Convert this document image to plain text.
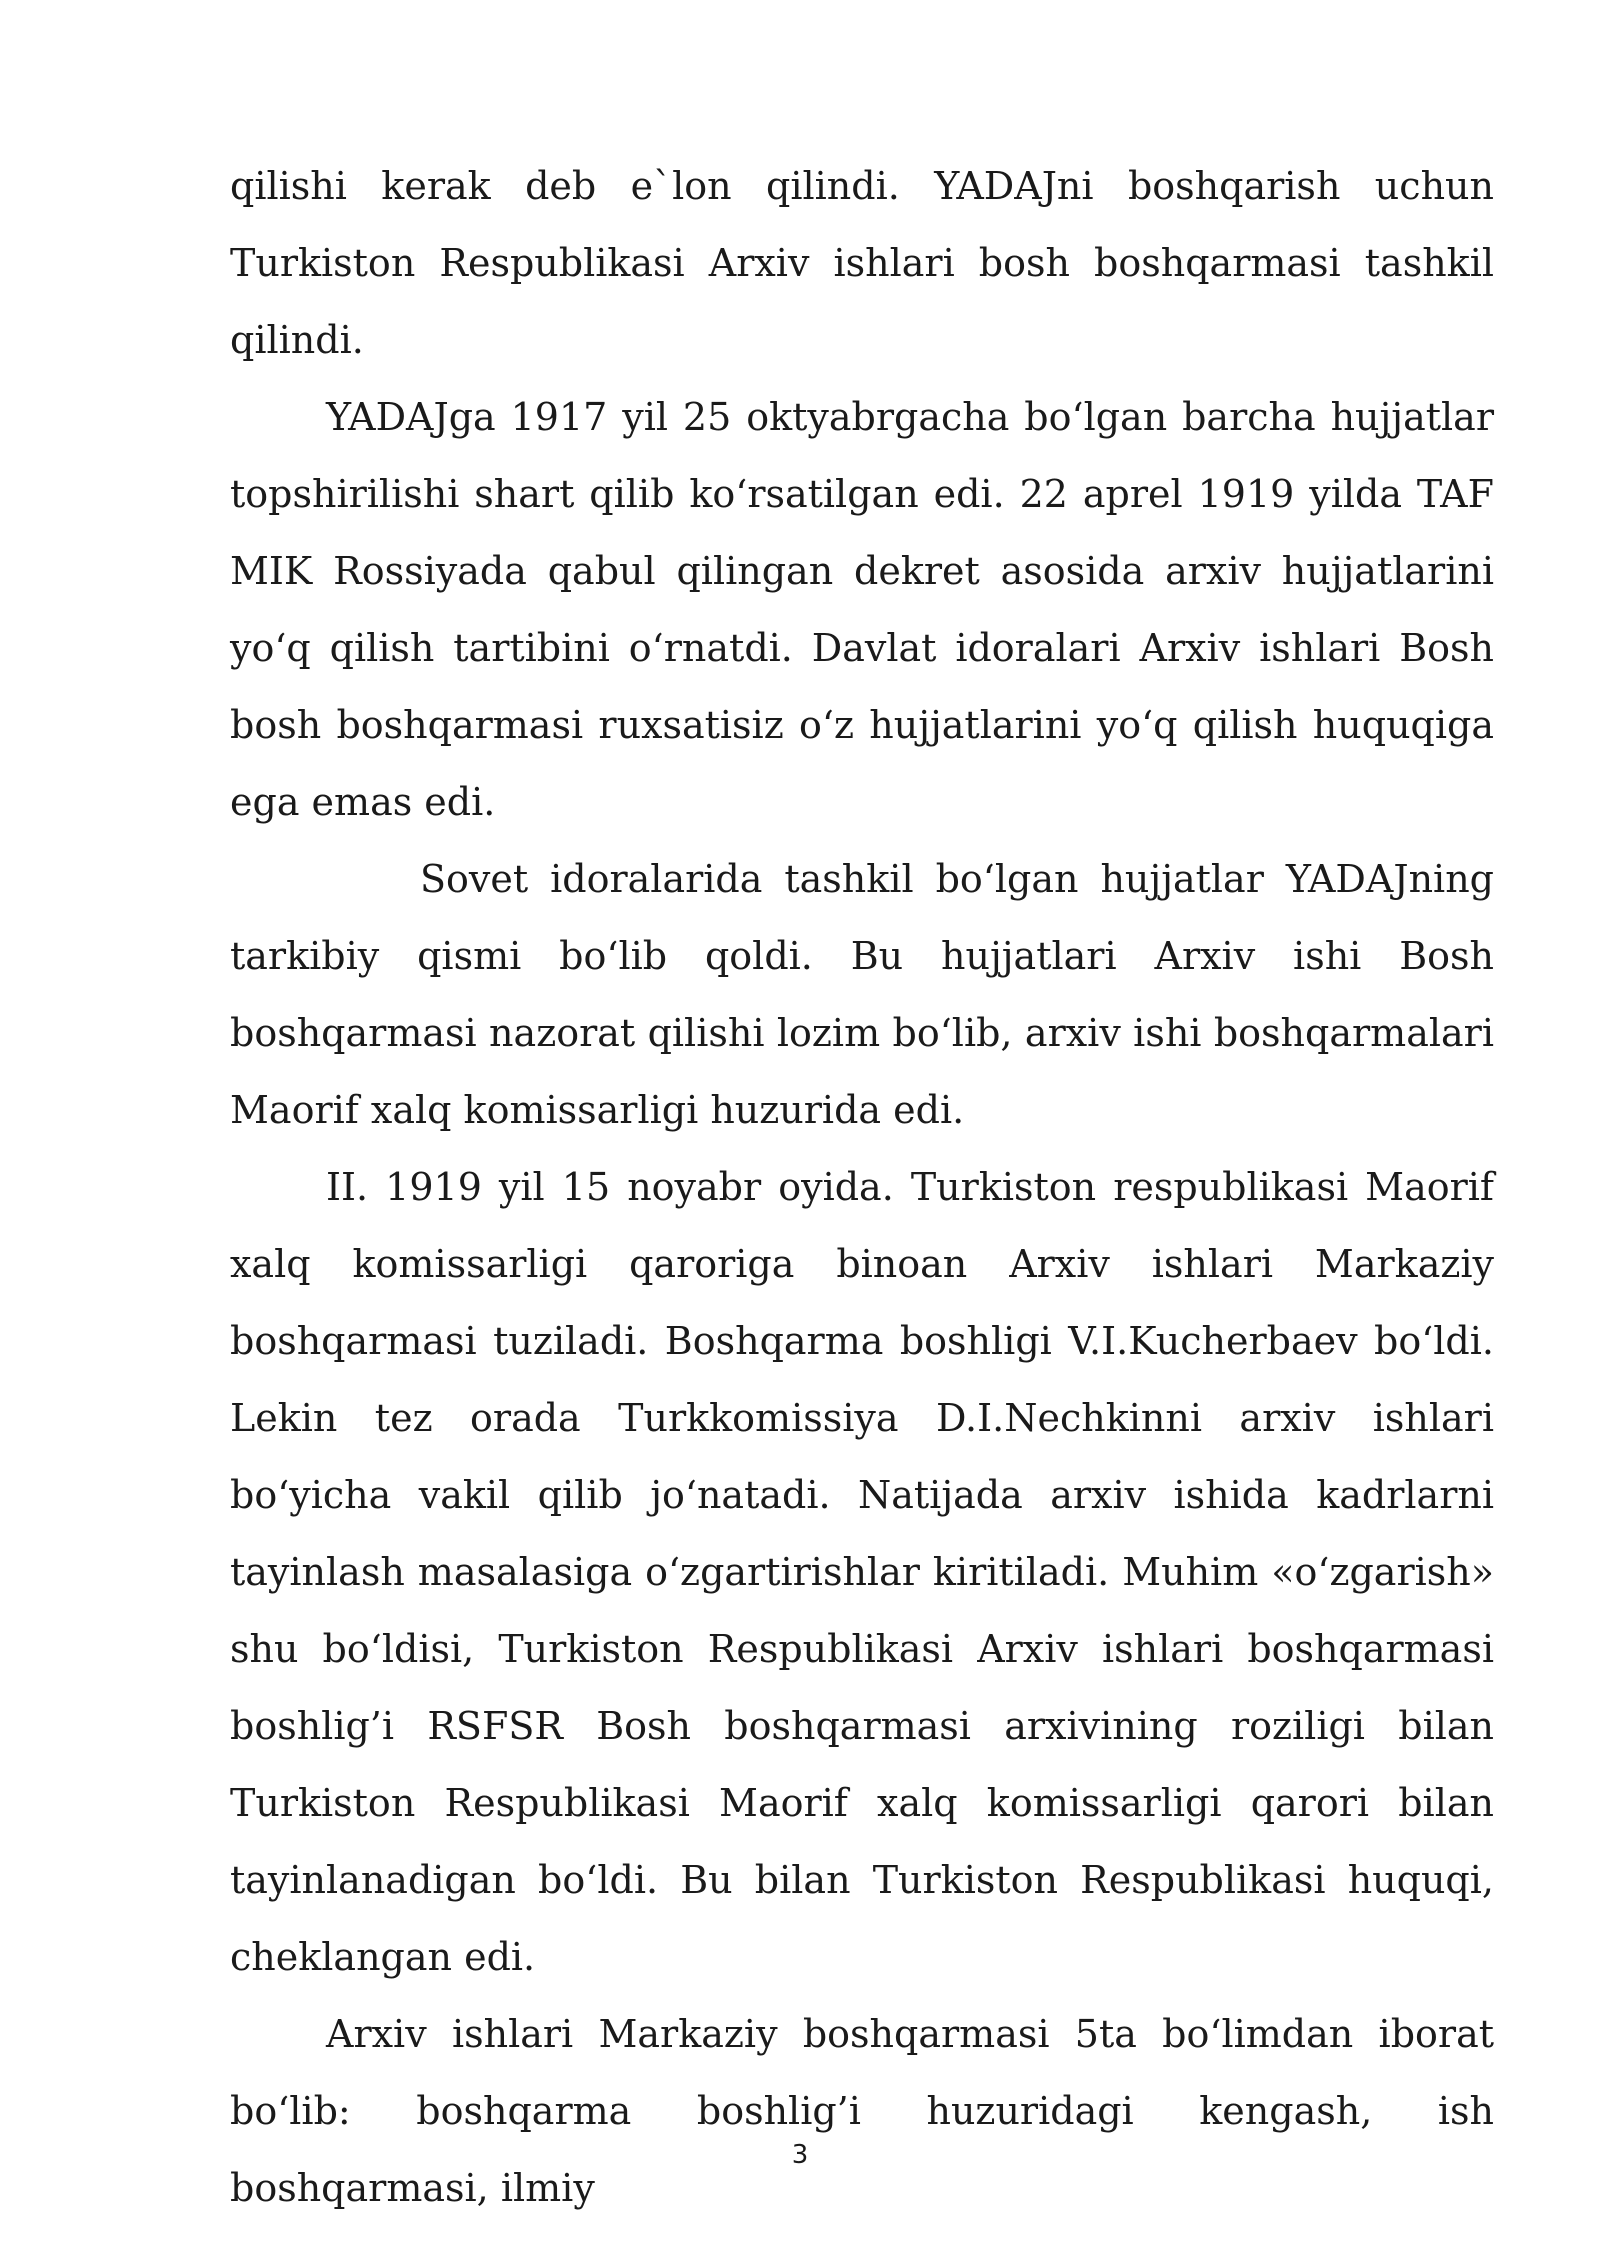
qilishi kerak deb e`lon qilindi. YADAJni boshqarish uchun Turkiston Respublikasi Arxiv ishlari bosh boshqarmasi tashkil qilindi.

YADAJga 1917 yil 25 oktyabrgacha bo‘lgan barcha hujjatlar topshirilishi shart qilib ko‘rsatilgan edi. 22 aprel 1919 yilda TAF MIK Rossiyada qabul qilingan dekret asosida arxiv hujjatlarini yo‘q qilish tartibini o‘rnatdi. Davlat idoralari Arxiv ishlari Bosh bosh boshqarmasi ruxsatisiz o‘z hujjatlarini yo‘q qilish huquqiga ega emas edi.

Sovet idoralarida tashkil bo‘lgan hujjatlar YADAJning tarkibiy qismi bo‘lib qoldi. Bu hujjatlari Arxiv ishi Bosh boshqarmasi nazorat qilishi lozim bo‘lib, arxiv ishi boshqarmalari Maorif xalq komissarligi huzurida edi.

II. 1919 yil 15 noyabr oyida. Turkiston respublikasi Maorif xalq komissarligi qaroriga binoan Arxiv ishlari Markaziy boshqarmasi tuziladi. Boshqarma boshligi V.I.Kucherbaev bo‘ldi. Lekin tez orada Turkkomissiya D.I.Nechkinni arxiv ishlari bo‘yicha vakil qilib jo‘natadi. Natijada arxiv ishida kadrlarni tayinlash masalasiga o‘zgartirishlar kiritiladi. Muhim «o‘zgarish» shu bo‘ldisi, Turkiston Respublikasi Arxiv ishlari boshqarmasi boshlig’i RSFSR Bosh boshqarmasi arxivining roziligi bilan Turkiston Respublikasi Maorif xalq komissarligi qarori bilan tayinlanadigan bo‘ldi. Bu bilan Turkiston Respublikasi huquqi, cheklangan edi.

Arxiv ishlari Markaziy boshqarmasi 5ta bo‘limdan iborat bo‘lib: boshqarma boshlig’i huzuridagi kengash, ish boshqarmasi, ilmiy

3
